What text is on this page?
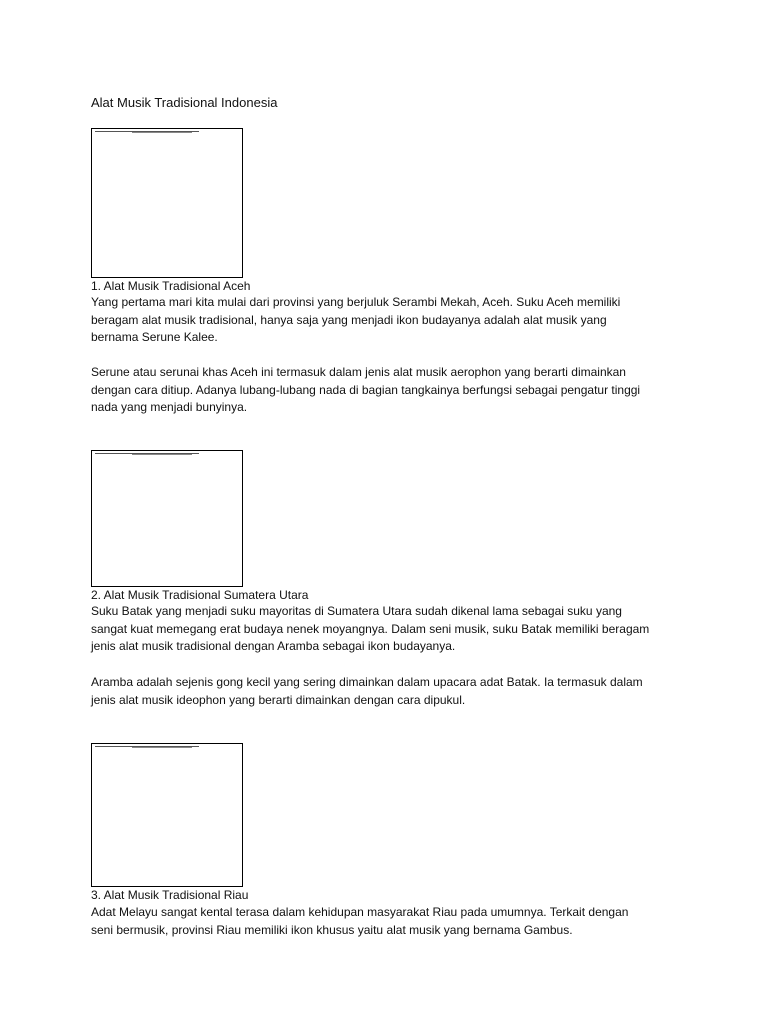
Alat Musik Tradisional Indonesia
1. Alat Musik Tradisional Aceh

Yang pertama mari kita mulai dari provinsi yang berjuluk Serambi Mekah, Aceh. Suku Aceh memiliki
beragam alat musik tradisional, hanya saja yang menjadi ikon budayanya adalah alat musik yang
bernama Serune Kalee.

Serune atau serunai khas Aceh ini termasuk dalam jenis alat musik aerophon yang berarti dimainkan
dengan cara ditiup. Adanya lubang-lubang nada di bagian tangkainya berfungsi sebagai pengatur tinggi
nada yang menjadi bunyinya.

2. Alat Musik Tradisional Sumatera Utara

Suku Batak yang menjadi suku mayoritas di Sumatera Utara sudah dikenal lama sebagai suku yang
sangat kuat memegang erat budaya nenek moyangnya. Dalam seni musik, suku Batak memiliki beragam
jenis alat musik tradisional dengan Aramba sebagai ikon budayanya.

Aramba adalah sejenis gong kecil yang sering dimainkan dalam upacara adat Batak. Ia termasuk dalam
jenis alat musik ideophon yang berarti dimainkan dengan cara dipukul.

3. Alat Musik Tradisional Riau

Adat Melayu sangat kental terasa dalam kehidupan masyarakat Riau pada umumnya. Terkait dengan
seni bermusik, provinsi Riau memiliki ikon khusus yaitu alat musik yang bernama Gambus.
